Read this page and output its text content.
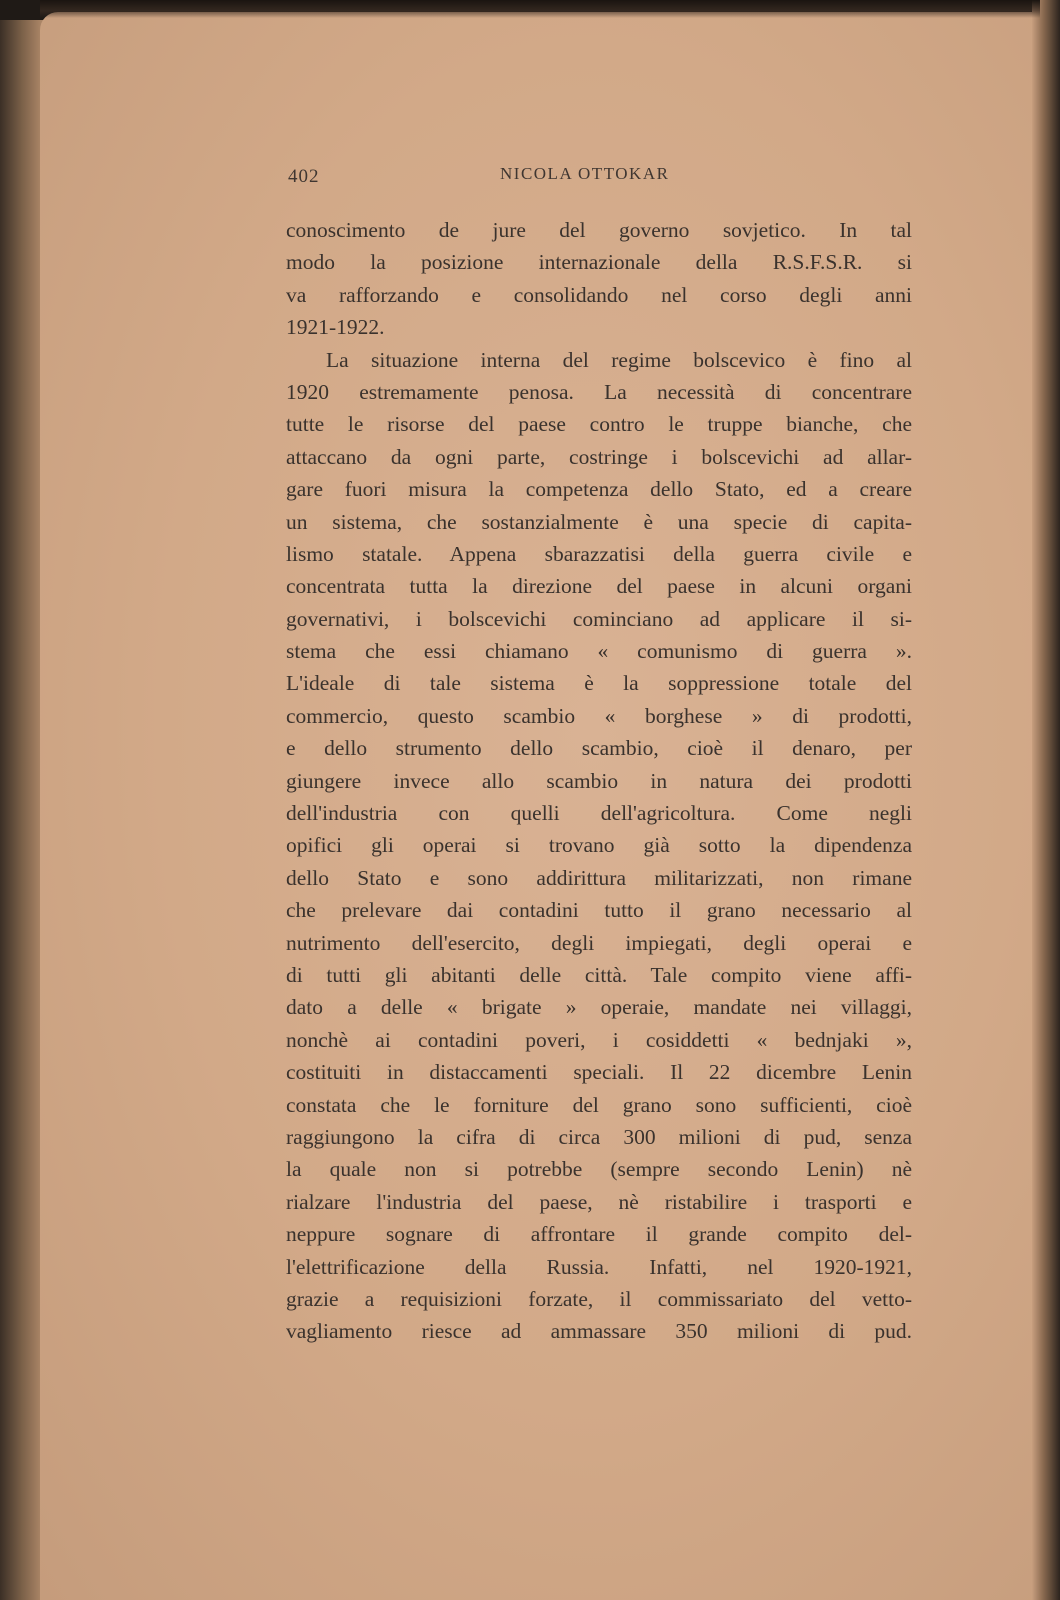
402	NICOLA OTTOKAR
conoscimento de jure del governo sovjetico. In tal
modo la posizione internazionale della R.S.F.S.R. si
va rafforzando e consolidando nel corso degli anni
1921-1922.
La situazione interna del regime bolscevico è fino al
1920 estremamente penosa. La necessità di concentrare
tutte le risorse del paese contro le truppe bianche, che
attaccano da ogni parte, costringe i bolscevichi ad allar-
gare fuori misura la competenza dello Stato, ed a creare
un sistema, che sostanzialmente è una specie di capita-
lismo statale. Appena sbarazzatisi della guerra civile e
concentrata tutta la direzione del paese in alcuni organi
governativi, i bolscevichi cominciano ad applicare il si-
stema che essi chiamano « comunismo di guerra ».
L'ideale di tale sistema è la soppressione totale del
commercio, questo scambio « borghese » di prodotti,
e dello strumento dello scambio, cioè il denaro, per
giungere invece allo scambio in natura dei prodotti
dell'industria con quelli dell'agricoltura. Come negli
opifici gli operai si trovano già sotto la dipendenza
dello Stato e sono addirittura militarizzati, non rimane
che prelevare dai contadini tutto il grano necessario al
nutrimento dell'esercito, degli impiegati, degli operai e
di tutti gli abitanti delle città. Tale compito viene affi-
dato a delle « brigate » operaie, mandate nei villaggi,
nonchè ai contadini poveri, i cosiddetti « bednjaki »,
costituiti in distaccamenti speciali. Il 22 dicembre Lenin
constata che le forniture del grano sono sufficienti, cioè
raggiungono la cifra di circa 300 milioni di pud, senza
la quale non si potrebbe (sempre secondo Lenin) nè
rialzare l'industria del paese, nè ristabilire i trasporti e
neppure sognare di affrontare il grande compito del-
l'elettrificazione della Russia. Infatti, nel 1920-1921,
grazie a requisizioni forzate, il commissariato del vetto-
vagliamento riesce ad ammassare 350 milioni di pud.
